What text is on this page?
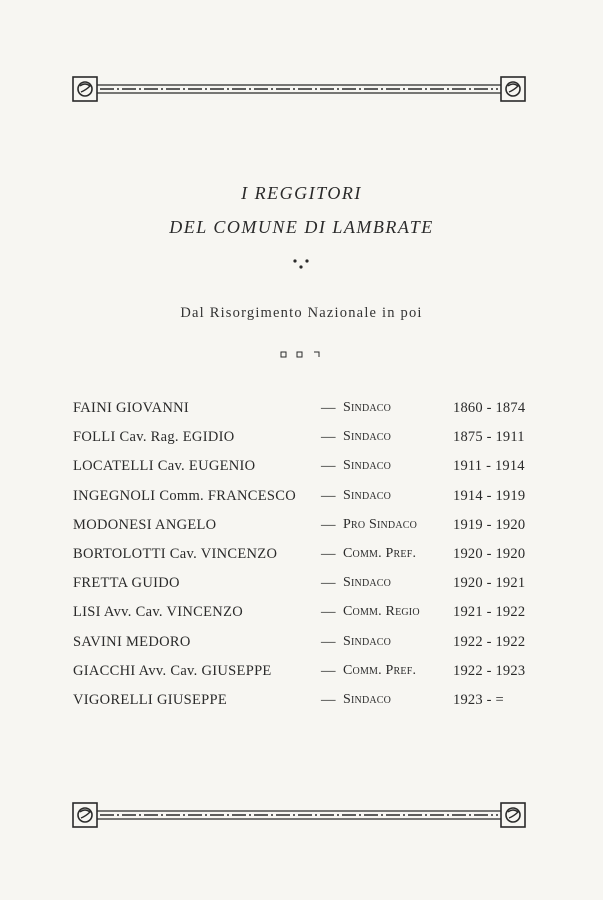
I REGGITORI
DEL COMUNE DI LAMBRATE
Dal Risorgimento Nazionale in poi
FAINI GIOVANNI	— Sindaco	1860 - 1874
FOLLI Cav. Rag. EGIDIO	— Sindaco	1875 - 1911
LOCATELLI Cav. EUGENIO	— Sindaco	1911 - 1914
INGEGNOLI Comm. FRANCESCO — Sindaco	1914 - 1919
MODONESI ANGELO	— Pro Sindaco 1919 - 1920
BORTOLOTTI Cav. VINCENZO	— Comm. Pref.	1920 - 1920
FRETTA GUIDO	— Sindaco	1920 - 1921
LISI Avv. Cav. VINCENZO	— Comm. Regio 1921 - 1922
SAVINI MEDORO	— Sindaco	1922 - 1922
GIACCHI Avv. Cav. GIUSEPPE	— Comm. Pref.	1922 - 1923
VIGORELLI GIUSEPPE	— Sindaco	1923 - =
